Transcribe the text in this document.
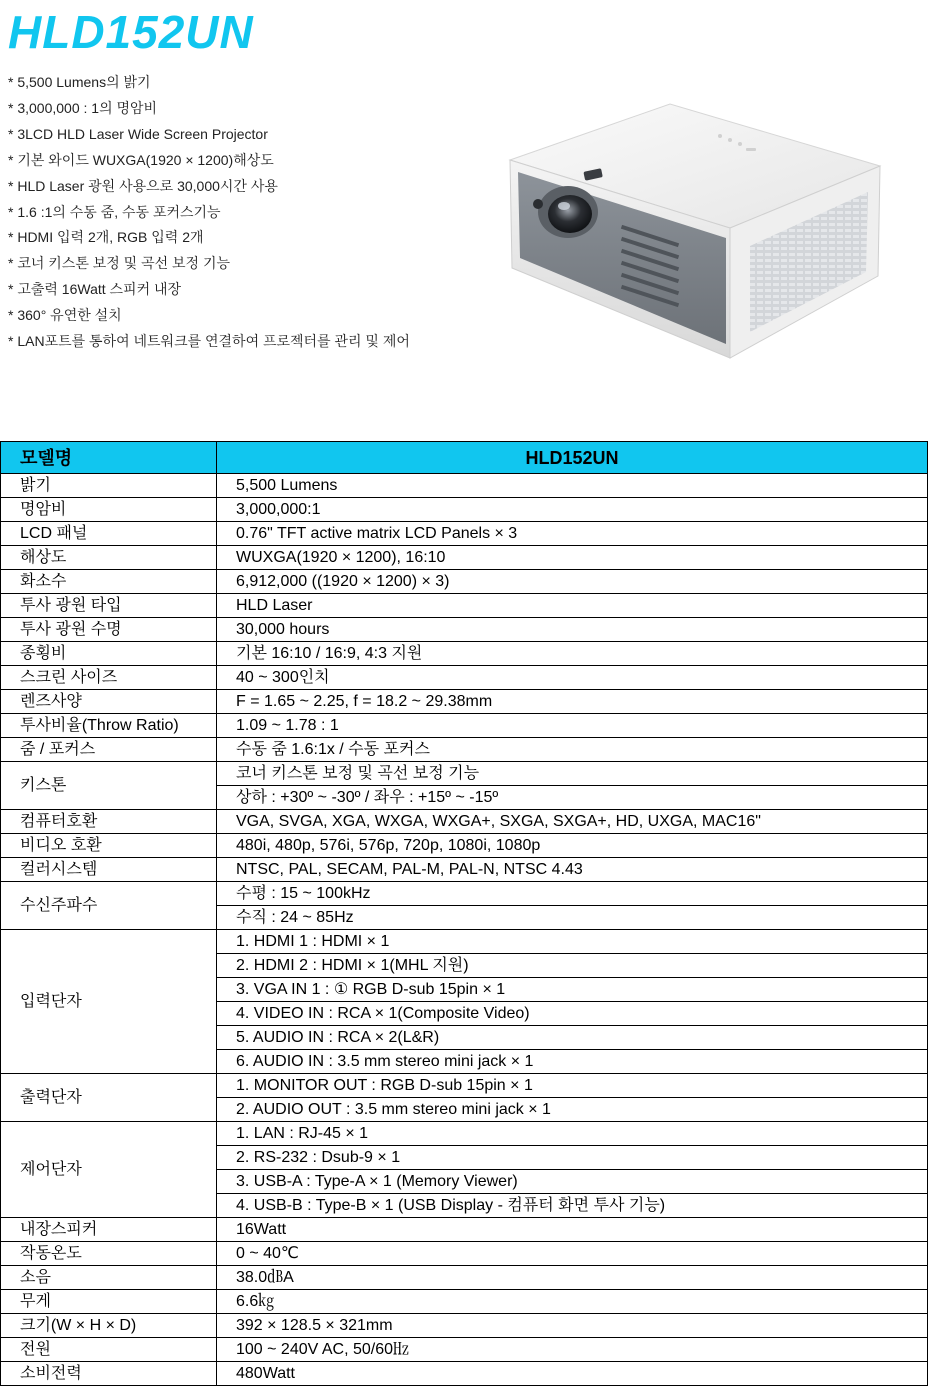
HLD152UN
* 5,500 Lumens의 밝기
* 3,000,000 : 1의 명암비
* 3LCD HLD Laser Wide Screen Projector
* 기본 와이드 WUXGA(1920 × 1200)해상도
* HLD Laser 광원 사용으로 30,000시간 사용
* 1.6 :1의 수동 줌, 수동 포커스기능
* HDMI 입력 2개, RGB 입력 2개
* 코너 키스톤 보정 및 곡선 보정 기능
* 고출력 16Watt 스피커 내장
* 360° 유연한 설치
* LAN포트를 통하여 네트워크를 연결하여 프로젝터를 관리 및 제어
모델명	HLD152UN
밝기	5,500 Lumens
명암비	3,000,000:1
LCD 패널	0.76" TFT active matrix LCD Panels × 3
해상도	WUXGA(1920 × 1200), 16:10
화소수	6,912,000 ((1920 × 1200) × 3)
투사 광원 타입	HLD Laser
투사 광원 수명	30,000 hours
종횡비	기본 16:10 / 16:9, 4:3 지원
스크린 사이즈	40 ~ 300인치
렌즈사양	F = 1.65 ~ 2.25, f = 18.2 ~ 29.38mm
투사비율(Throw Ratio)	1.09 ~ 1.78 : 1
줌 / 포커스	수동 줌 1.6:1x / 수동 포커스
키스톤	코너 키스톤 보정 및 곡선 보정 기능
	상하 : +30º ~ -30º / 좌우 : +15º ~ -15º
컴퓨터호환	VGA, SVGA, XGA, WXGA, WXGA+, SXGA, SXGA+, HD, UXGA, MAC16"
비디오 호환	480i, 480p, 576i, 576p, 720p, 1080i, 1080p
컬러시스템	NTSC, PAL, SECAM, PAL-M, PAL-N, NTSC 4.43
수신주파수	수평 : 15 ~ 100kHz
	수직 : 24 ~ 85Hz
입력단자	1. HDMI 1 : HDMI × 1
	2. HDMI 2 : HDMI × 1(MHL 지원)
	3. VGA IN 1 : ① RGB D-sub 15pin × 1
	4. VIDEO IN : RCA × 1(Composite Video)
	5. AUDIO IN : RCA × 2(L&R)
	6. AUDIO IN : 3.5 mm stereo mini jack × 1
출력단자	1. MONITOR OUT : RGB D-sub 15pin × 1
	2. AUDIO OUT : 3.5 mm stereo mini jack × 1
제어단자	1. LAN : RJ-45 × 1
	2. RS-232 : Dsub-9 × 1
	3. USB-A : Type-A × 1 (Memory Viewer)
	4. USB-B : Type-B × 1 (USB Display - 컴퓨터 화면 투사 기능)
내장스피커	16Watt
작동온도	0 ~ 40℃
소음	38.0㏈A
무게	6.6㎏
크기(W × H × D)	392 × 128.5 × 321mm
전원	100 ~ 240V AC, 50/60㎐
소비전력	480Watt
